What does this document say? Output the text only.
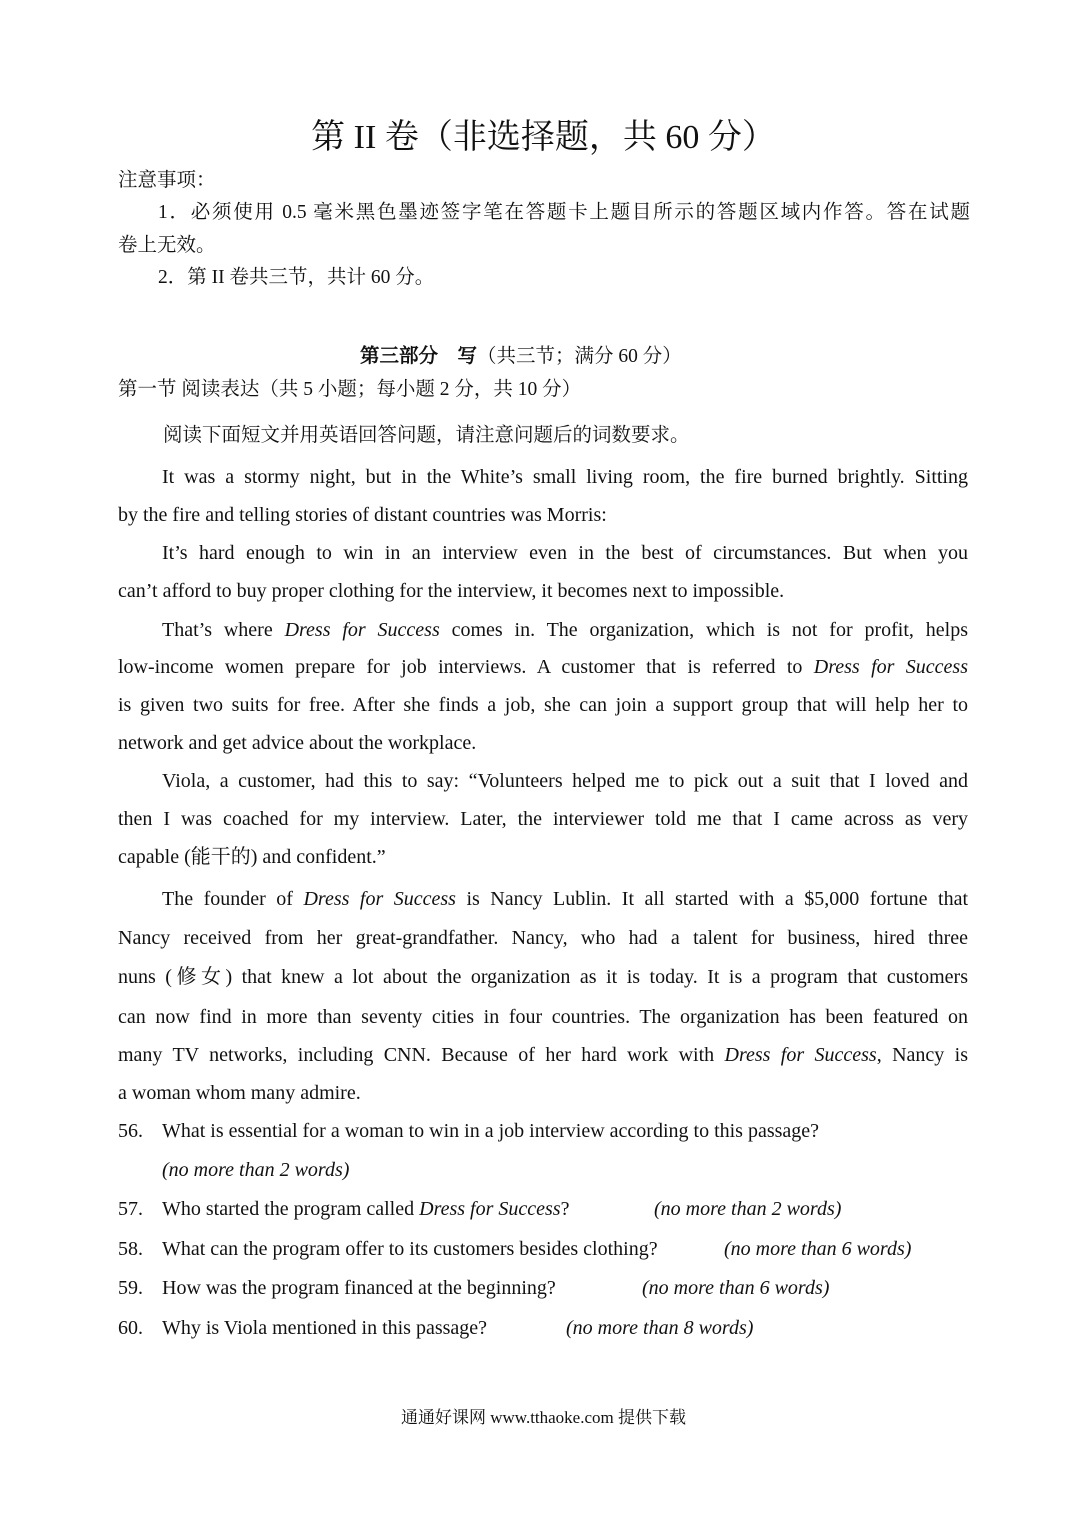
第 II 卷（非选择题，共 60 分）
注意事项：
1．必须使用 0.5 毫米黑色墨迹签字笔在答题卡上题目所示的答题区域内作答。答在试题
卷上无效。
2．第 II 卷共三节，共计 60 分。
第三部分　写（共三节；满分 60 分）
第一节 阅读表达（共 5 小题；每小题 2 分，共 10 分）
阅读下面短文并用英语回答问题，请注意问题后的词数要求。
It was a stormy night, but in the White’s small living room, the fire burned brightly. Sitting
by the fire and telling stories of distant countries was Morris:
It’s hard enough to win in an interview even in the best of circumstances. But when you
can’t afford to buy proper clothing for the interview, it becomes next to impossible.
That’s where Dress for Success comes in. The organization, which is not for profit, helps
low-income women prepare for job interviews. A customer that is referred to Dress for Success
is given two suits for free. After she finds a job, she can join a support group that will help her to
network and get advice about the workplace.
Viola, a customer, had this to say: “Volunteers helped me to pick out a suit that I loved and
then I was coached for my interview. Later, the interviewer told me that I came across as very
capable (能干的) and confident.”
The founder of Dress for Success is Nancy Lublin. It all started with a $5,000 fortune that
Nancy received from her great-grandfather. Nancy, who had a talent for business, hired three
nuns (修女) that knew a lot about the organization as it is today. It is a program that customers
can now find in more than seventy cities in four countries. The organization has been featured on
many TV networks, including CNN. Because of her hard work with Dress for Success, Nancy is
a woman whom many admire.
56. What is essential for a woman to win in a job interview according to this passage?
(no more than 2 words)
57. Who started the program called Dress for Success?	(no more than 2 words)
58. What can the program offer to its customers besides clothing?	(no more than 6 words)
59. How was the program financed at the beginning?	(no more than 6 words)
60. Why is Viola mentioned in this passage?	(no more than 8 words)
通通好课网 www.tthaoke.com 提供下载
